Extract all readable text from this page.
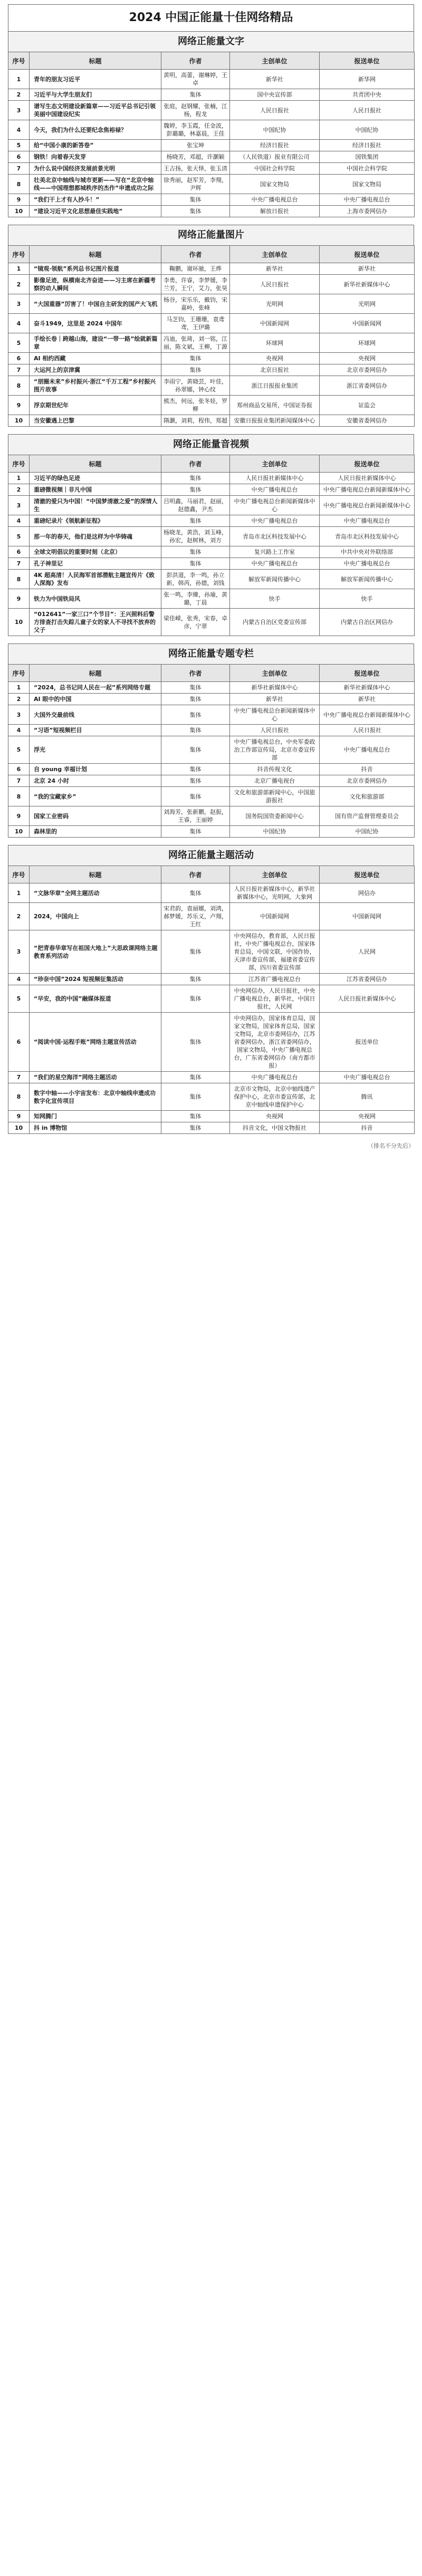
2024 中国正能量十佳网络精品
网络正能量文字
序号	标题	作者	主创单位	报送单位
1	青年的朋友习近平	黄明，高蕾，谢琳婷，王卓	新华社	新华网
2	习近平与大学生朋友们	集体	国中央宣传部	共青团中央
3	谱写生态文明建设新篇章——习近平总书记引领美丽中国建设纪实	张庭，赵钢耀，张楠，江杨，程龙	人民日报社	人民日报社
4	今天，我们为什么还要纪念焦裕禄？	魏婷，李玉霞，任金波，彭璐璐，林嘉晨，王佳	中国纪协	中国纪协
5	给“中国小康的新答卷”	张宝坤	经济日报社	经济日报社
6	钢铁！向着春天发芽	杨晓芳，邓超，许灏颖	（人民铁道）报业有限公司	国铁集团
7	为什么说中国经济发展前景光明	王吉扬，张天怿，张玉清	中国社会科学院	中国社会科学院
8	壮美北京中轴线与城市更新——写在“北京中轴线——中国理想都城秩序的杰作”申遗成功之际	徐秀丽，赵军芳，李翔，尹辉	国家文物局	国家文物局
9	“我们干上才有人抄斗！”	集体	中央广播电视总台	中央广播电视总台
10	“建设习近平文化思想最佳实践地”	集体	解放日报社	上海市委网信办
网络正能量图片
序号	标题	作者	主创单位	报送单位
1	“镜观·领航”系列总书记图片报道	鞠鹏，谢环驰，王烨	新华社	新华社
2	影像足迹，纵横南北齐奋进——习主席在新疆考察的动人瞬间	李勇，许睿，李梦媛，李兰芳，王宁，艾力，张昊	人民日报社	新华社新媒体中心
3	“大国重器”厉害了！中国自主研发的国产大飞机	杨谷，宋乐乐，戴钧，宋嘉岭，张峰	光明网	光明网
4	奋斗1949，这里是 2024 中国年	马芝钧，王珊珊，袁鸢鸢，王伊璐	中国新闻网	中国新闻网
5	手绘长卷｜跨越山海，建设“一带一路”绘就新篇章	冯迪，张琦，刘一铭，江丽，陈文斌，王柳，丁源	环球网	环球网
6	AI 相约西藏	集体	央视网	央视网
7	大运河上的京津冀	集体	北京日报社	北京市委网信办
8	“朋圈未来”乡村振兴·浙江“千万工程”乡村振兴图片故事	李雨宁，黄晓芸，叶佳，孙翠娜，钟心纹	浙江日报报业集团	浙江省委网信办
9	浮京期世纪年	熊杰，何远，张冬娃，罗柳	郑州商品交易所，中国证券报	证监会
10	当安徽遇上巴黎	隋灏，刘莉，程伟，郑超	安徽日报报业集团新闻媒体中心	安徽省委网信办
网络正能量音视频
序号	标题	作者	主创单位	报送单位
1	习近平的绿色足迹	集体	人民日报社新媒体中心	人民日报社新媒体中心
2	重磅微视频｜非凡中国	集体	中央广播电视总台	中央广播电视总台新闻新媒体中心
3	清澈的爱只为中国！“中国梦清澈之爱”的深情人生	吕明鑫，马丽君，赵丽，赵德鑫，尹杰	中央广播电视总台新闻新媒体中心	中央广播电视总台新闻新媒体中心
4	重磅纪录片《领航新征程》	集体	中央广播电视总台	中央广播电视总台
5	那一年的春天，他们是这样为中华铸魂	杨晓龙，黄浩，刘玉峰，孙宏，赵树林，刘方	青岛市北区科技发展中心	青岛市北区科技发展中心
6	全球文明倡议的重要时刻（北京）	集体	复兴路上工作室	中共中央对外联络部
7	孔子神里记	集体	中央广播电视总台	中央广播电视总台
8	4K 超高清！人民海军首部潜航主题宣传片《致人深海》发布	彭洪道，李一鸣，孙立新，韩芮，孙德，刘钱	解放军新闻传播中心	解放军新闻传播中心
9	铁力为中国铁局风	张一鸣，李臻，孙瑜，黄璐，丁晨	快手	快手
10	“012641”一家三口“个节目”：王兴照料后警方排查打击失踪儿童子女的家人不寻找不放弃的父子	梁佳嵘，张秀，宋春，卓彦，宁翠	内蒙古自治区党委宣传部	内蒙古自治区网信办
网络正能量专题专栏
序号	标题	作者	主创单位	报送单位
1	“2024，总书记同人民在一起”系列网络专题	集体	新华社新媒体中心	新华社新媒体中心
2	AI 眼中的中国	集体	新华社	新华社
3	大国外交最前线	集体	中央广播电视总台新闻新媒体中心	中央广播电视总台新闻新媒体中心
4	“习语”短视频栏目	集体	人民日报社	人民日报社
5	浮光	集体	中央广播电视总台，中央军委政治工作部宣传局，北京市委宣传部	中央广播电视总台
6	自 young 幸福计划	集体	抖音传视文化	抖音
7	北京 24 小时	集体	北京广播电视台	北京市委网信办
8	“我的宝藏家乡”	集体	文化和旅游部新闻中心，中国旅游报社	文化和旅游部
9	国家工业密码	刘海芳，张新鹏，赵振，王睿，王丽婷	国务院国资委新闻中心	国有资产监督管理委员会
10	森林里的	集体	中国纪协	中国纪协
网络正能量主题活动
序号	标题	作者	主创单位	报送单位
1	“文脉华章”全网主题活动	集体	人民日报社新媒体中心，新华社新媒体中心，光明网，大象网	网信办
2	2024，中国向上	宋君韵，袁丽娜，刘鸿，郝梦媛，苏乐义，卢翔，王红	中国新闻网	中国新闻网
3	“把青春华章写在祖国大地上”大思政课网络主题教育系列活动	集体	中央网信办，教育部，人民日报社，中央广播电视总台，国家体育总局，中国文联，中国作协，天津市委宣传部，福建省委宣传部，四川省委宣传部	人民网
4	“珍奈中国”2024 短视频征集活动	集体	江苏省广播电视总台	江苏省委网信办
5	“早安，我的中国”融媒体报道	集体	中央网信办，人民日报社，中央广播电视总台，新华社，中国日报社，人民网	人民日报社新媒体中心
6	“阅读中国·运程手账”网络主题宣传活动	集体	中央网信办，国家体育总局，国家文物局，国家体育总局，国家文物局，北京市委网信办，江苏省委网信办，浙江省委网信办，国家文物局，中央广播电视总台，广东省委网信办（南方都市报）	报送单位
7	“我们的星空海洋”网络主题活动	集体	中央广播电视总台	中央广播电视总台
8	数字中轴——小宇宙发布：北京中轴线申遗成功数字化宣传项目	集体	北京市文物局，北京中轴线遗产保护中心，北京市委宣传部，北京中轴线申遗保护中心	腾讯
9	知网腾门	集体	央视网	央视网
10	抖 in 博物馆	集体	抖音文化，中国文物报社	抖音
（排名不分先后）
